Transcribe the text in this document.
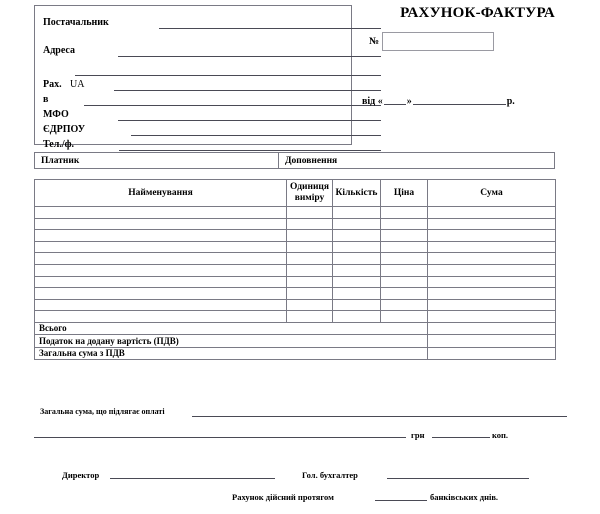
Постачальник
Адреса
Рах. UA
в
МФО
ЄДРПОУ
Тел./ф.
РАХУНОК-ФАКТУРА
№
від « »	р.
Платник	Доповнення
Найменування	Одиниця виміру	Кількість	Ціна	Сума

Всього				
Податок на додану вартість (ПДВ)				
Загальна сума з ПДВ				
Загальна сума, що підлягає оплаті
грн	коп.
Директор	Гол. бухгалтер
Рахунок дійсний протягом	банківських днів.
